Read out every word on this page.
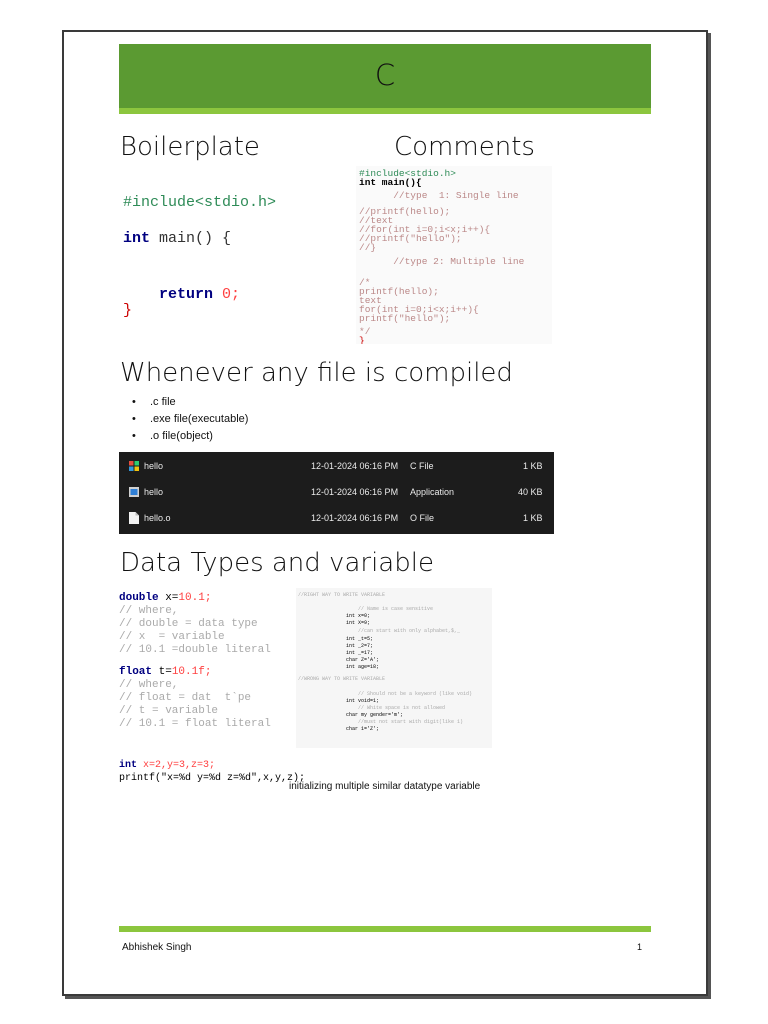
C
Boilerplate	Comments

#include<stdio.h>

int main() {

return 0;

}

#include<stdio.h>

int main(){

//type  1: Single line

//printf(hello);

//text

//for(int i=0;i<x;i++){

//printf("hello");

//}

//type 2: Multiple line

/*

printf(hello);

text

for(int i=0;i<x;i++){

printf("hello");

*/

}

Whenever any file is compiled
• .c file
• .exe file(executable)
• .o file(object)
hello	12-01-2024 06:16 PM C File	1 KB
hello	12-01-2024 06:16 PM Application	40 KB
hello.o	12-01-2024 06:16 PM O File	1 KB
Data Types and variable

double x=10.1;

// where,

// double = data type

// x  = variable

// 10.1 =double literal

float t=10.1f;

// where,

// float = dat  t`pe

// t = variable

// 10.1 = float literal

//RIGHT WAY TO WRITE VARIABLE

// Name is case sensitive

int x=0;

int X=9;

//can start with only alphabet,$,_

int _t=5;

int _2=7;

int _=17;

char Z='A';

int age=18;

//WRONG WAY TO WRITE VARIABLE

// Should not be a keyword (like void)

int void=1;

// White space is not allowed

char my gender='m';

//must not start with digit(like 1)

char 1='Z';

int x=2,y=3,z=3;

printf("x=%d y=%d z=%d",x,y,z);

initializing multiple similar datatype variable
Abhishek Singh	1
